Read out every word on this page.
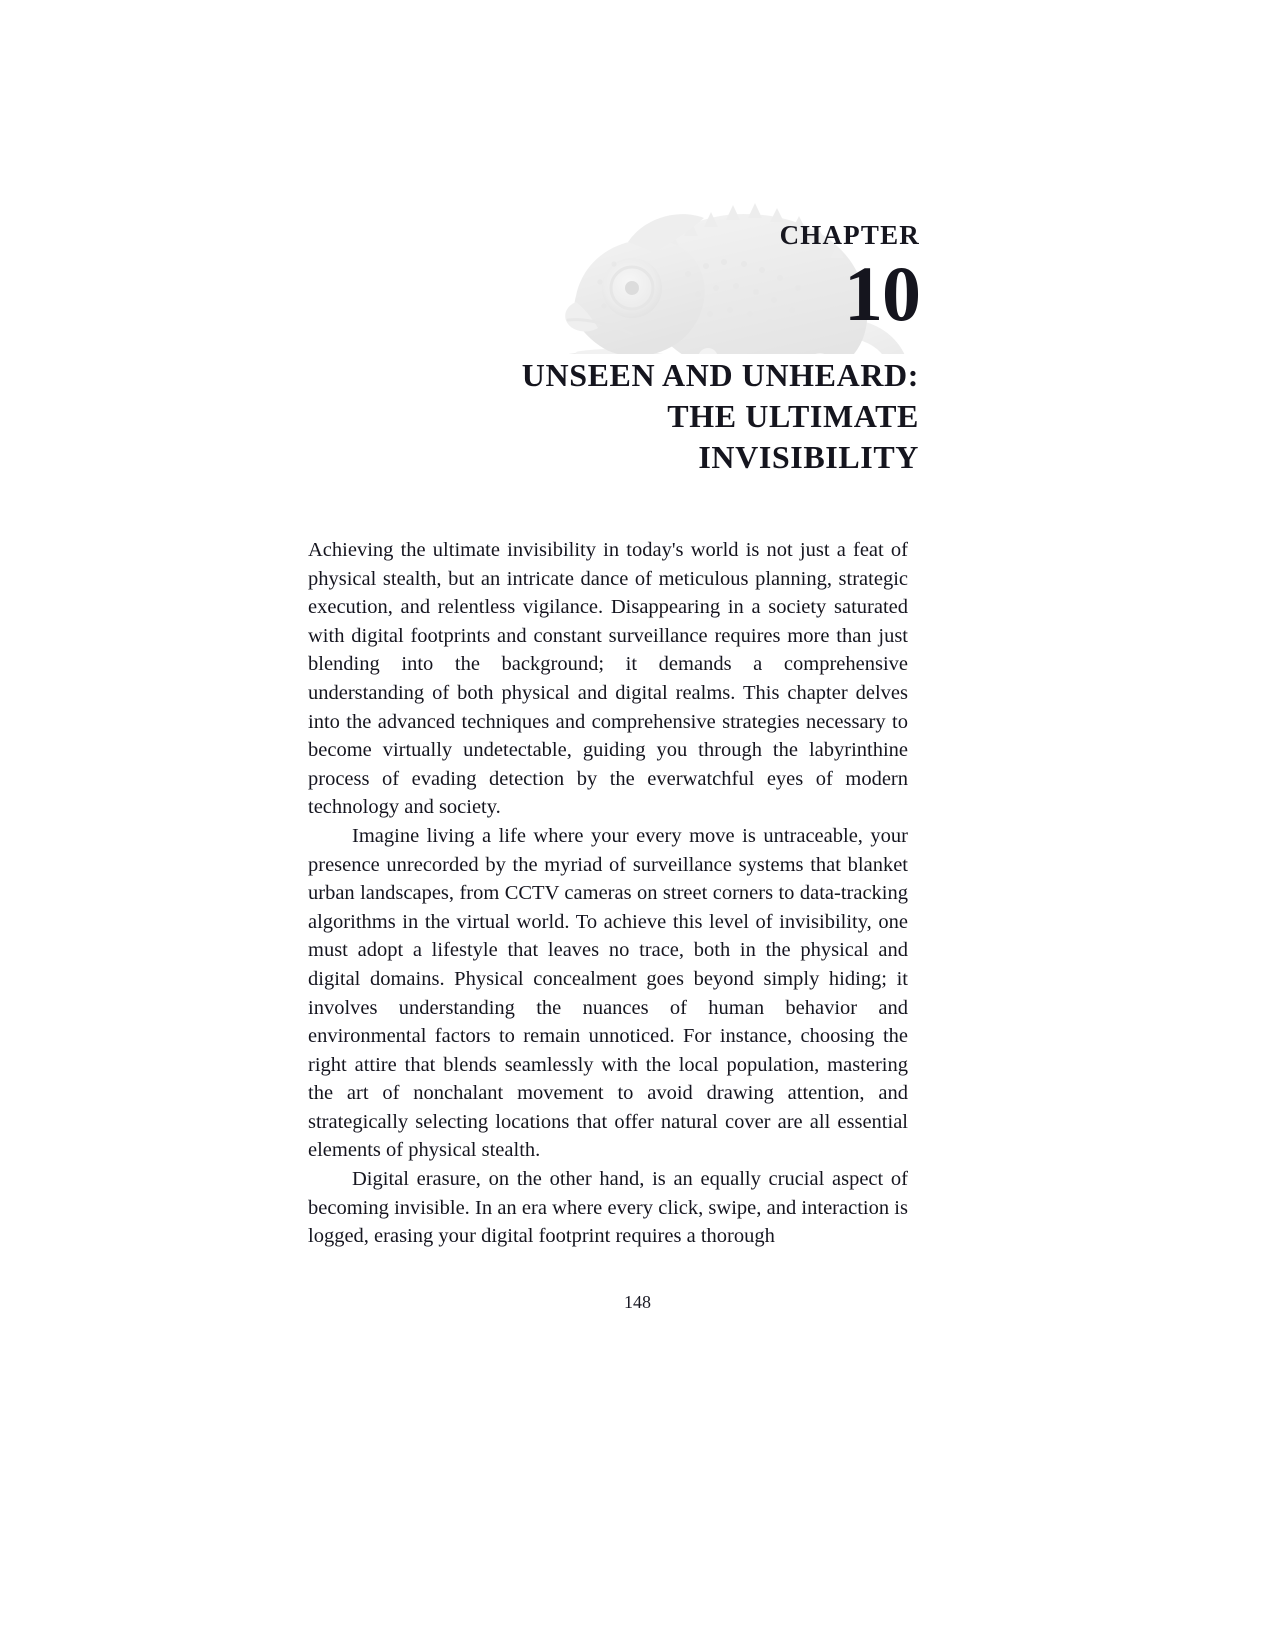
CHAPTER
10
UNSEEN AND UNHEARD:
THE ULTIMATE
INVISIBILITY

Achieving the ultimate invisibility in today's world is not just a feat of physical stealth, but an intricate dance of meticulous planning, strategic execution, and relentless vigilance. Disappearing in a society saturated with digital footprints and constant surveillance requires more than just blending into the background; it demands a comprehensive understanding of both physical and digital realms. This chapter delves into the advanced techniques and comprehensive strategies necessary to become virtually undetectable, guiding you through the labyrinthine process of evading detection by the everwatchful eyes of modern technology and society.

Imagine living a life where your every move is untraceable, your presence unrecorded by the myriad of surveillance systems that blanket urban landscapes, from CCTV cameras on street corners to data-tracking algorithms in the virtual world. To achieve this level of invisibility, one must adopt a lifestyle that leaves no trace, both in the physical and digital domains. Physical concealment goes beyond simply hiding; it involves understanding the nuances of human behavior and environmental factors to remain unnoticed. For instance, choosing the right attire that blends seamlessly with the local population, mastering the art of nonchalant movement to avoid drawing attention, and strategically selecting locations that offer natural cover are all essential elements of physical stealth.

Digital erasure, on the other hand, is an equally crucial aspect of becoming invisible. In an era where every click, swipe, and interaction is logged, erasing your digital footprint requires a thorough

148
